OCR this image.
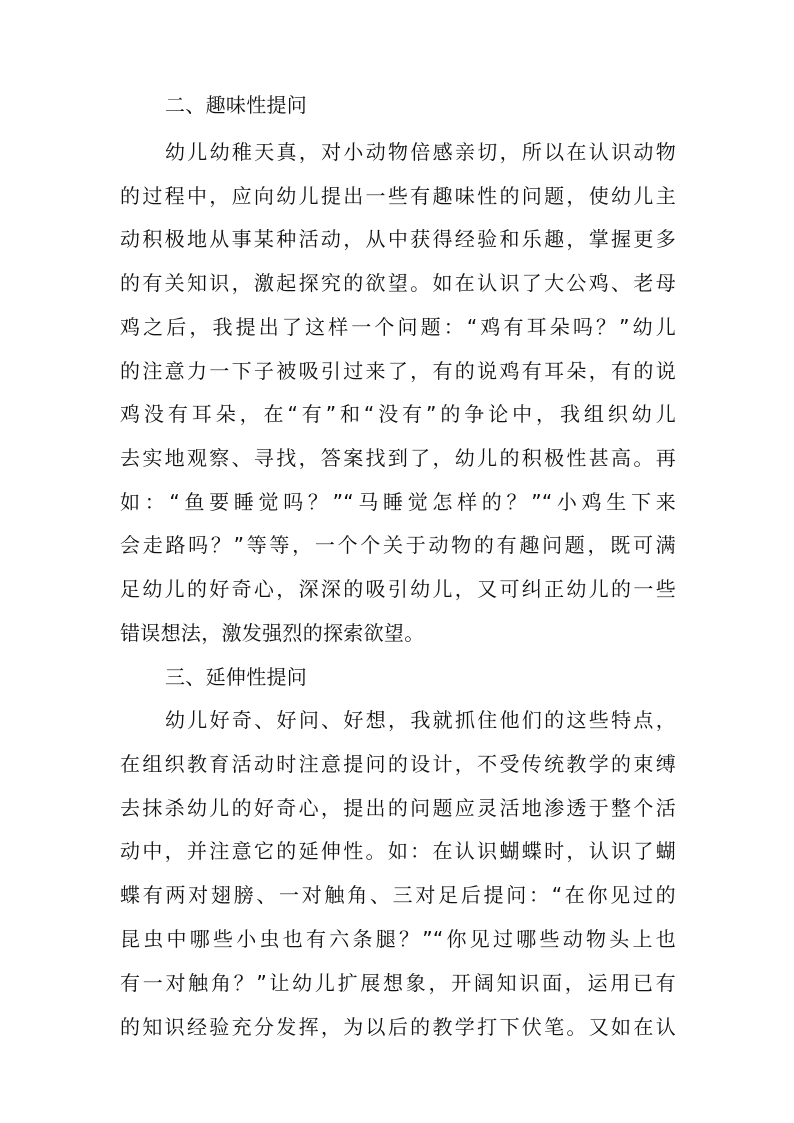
二、趣味性提问
幼儿幼稚天真，对小动物倍感亲切，所以在认识动物
的过程中，应向幼儿提出一些有趣味性的问题，使幼儿主
动积极地从事某种活动，从中获得经验和乐趣，掌握更多
的有关知识，激起探究的欲望。如在认识了大公鸡、老母
鸡之后，我提出了这样一个问题：“鸡有耳朵吗？”幼儿
的注意力一下子被吸引过来了，有的说鸡有耳朵，有的说
鸡没有耳朵，在“有”和“没有”的争论中，我组织幼儿
去实地观察、寻找，答案找到了，幼儿的积极性甚高。再
如：“鱼要睡觉吗？”“马睡觉怎样的？”“小鸡生下来
会走路吗？”等等，一个个关于动物的有趣问题，既可满
足幼儿的好奇心，深深的吸引幼儿，又可纠正幼儿的一些
错误想法，激发强烈的探索欲望。
三、延伸性提问
幼儿好奇、好问、好想，我就抓住他们的这些特点，
在组织教育活动时注意提问的设计，不受传统教学的束缚
去抹杀幼儿的好奇心，提出的问题应灵活地渗透于整个活
动中，并注意它的延伸性。如：在认识蝴蝶时，认识了蝴
蝶有两对翅膀、一对触角、三对足后提问：“在你见过的
昆虫中哪些小虫也有六条腿？”“你见过哪些动物头上也
有一对触角？”让幼儿扩展想象，开阔知识面，运用已有
的知识经验充分发挥，为以后的教学打下伏笔。又如在认
